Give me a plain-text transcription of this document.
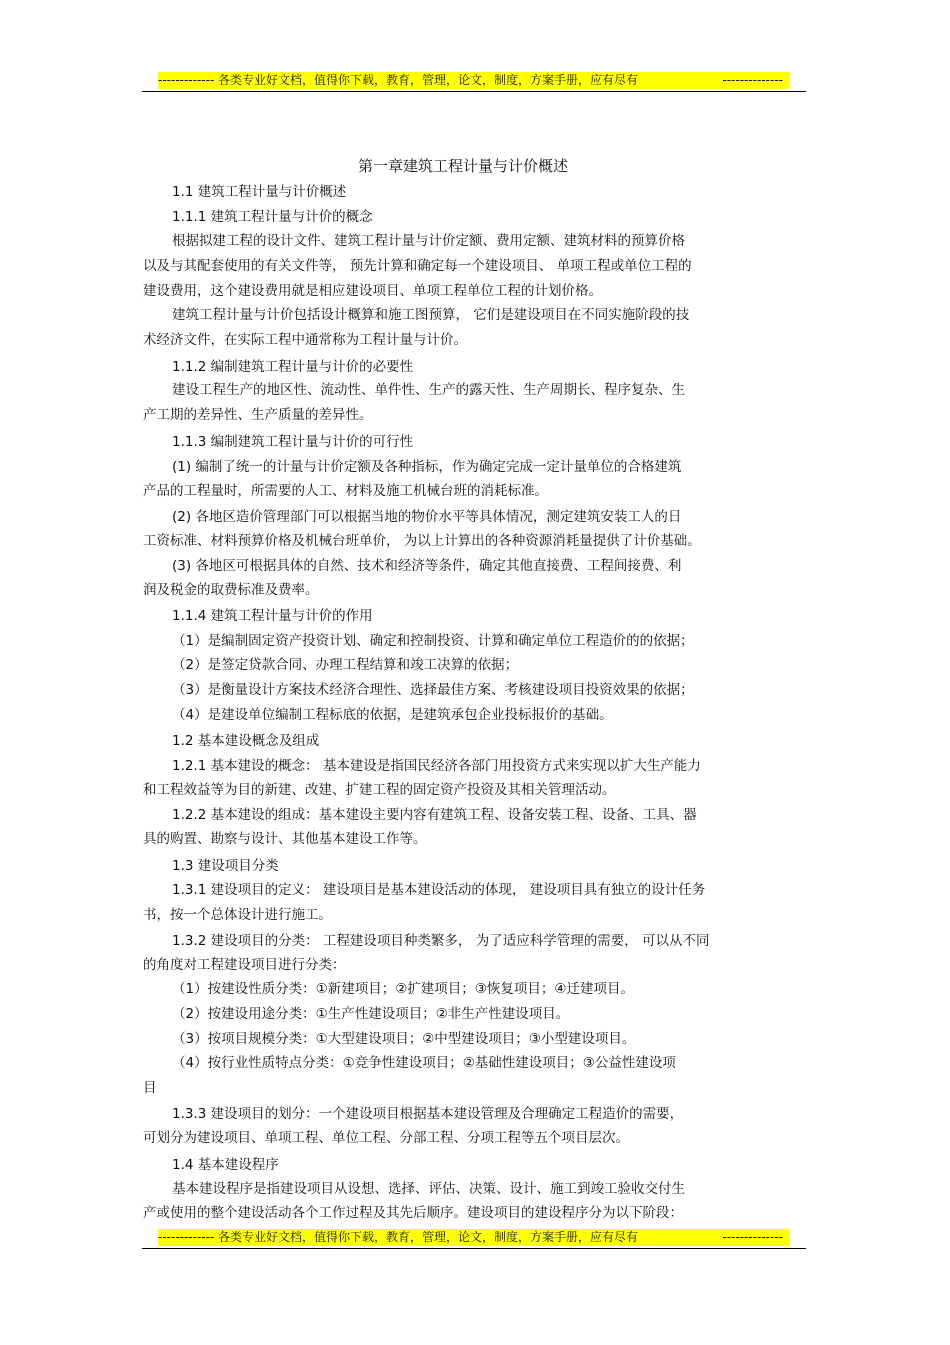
------------- 各类专业好文档，值得你下载，教育，管理，论文，制度，方案手册，应有尽有	--------------
第一章建筑工程计量与计价概述
1.1 建筑工程计量与计价概述
1.1.1 建筑工程计量与计价的概念
根据拟建工程的设计文件、建筑工程计量与计价定额、费用定额、建筑材料的预算价格
以及与其配套使用的有关文件等， 预先计算和确定每一个建设项目、 单项工程或单位工程的
建设费用，这个建设费用就是相应建设项目、单项工程单位工程的计划价格。
建筑工程计量与计价包括设计概算和施工图预算， 它们是建设项目在不同实施阶段的技
术经济文件，在实际工程中通常称为工程计量与计价。
1.1.2 编制建筑工程计量与计价的必要性
建设工程生产的地区性、流动性、单件性、生产的露天性、生产周期长、程序复杂、生
产工期的差异性、生产质量的差异性。
1.1.3 编制建筑工程计量与计价的可行性
(1) 编制了统一的计量与计价定额及各种指标，作为确定完成一定计量单位的合格建筑
产品的工程量时，所需要的人工、材料及施工机械台班的消耗标准。
(2) 各地区造价管理部门可以根据当地的物价水平等具体情况，测定建筑安装工人的日
工资标准、材料预算价格及机械台班单价， 为以上计算出的各种资源消耗量提供了计价基础。
(3) 各地区可根据具体的自然、技术和经济等条件，确定其他直接费、工程间接费、利
润及税金的取费标准及费率。
1.1.4 建筑工程计量与计价的作用
（1）是编制固定资产投资计划、确定和控制投资、计算和确定单位工程造价的的依据；
（2）是签定贷款合同、办理工程结算和竣工决算的依据；
（3）是衡量设计方案技术经济合理性、选择最佳方案、考核建设项目投资效果的依据；
（4）是建设单位编制工程标底的依据，是建筑承包企业投标报价的基础。
1.2 基本建设概念及组成
1.2.1 基本建设的概念： 基本建设是指国民经济各部门用投资方式来实现以扩大生产能力
和工程效益等为目的新建、改建、扩建工程的固定资产投资及其相关管理活动。
1.2.2 基本建设的组成：基本建设主要内容有建筑工程、设备安装工程、设备、工具、器
具的购置、勘察与设计、其他基本建设工作等。
1.3 建设项目分类
1.3.1 建设项目的定义： 建设项目是基本建设活动的体现， 建设项目具有独立的设计任务
书，按一个总体设计进行施工。
1.3.2 建设项目的分类： 工程建设项目种类繁多， 为了适应科学管理的需要， 可以从不同
的角度对工程建设项目进行分类：
（1）按建设性质分类：①新建项目；②扩建项目；③恢复项目；④迁建项目。
（2）按建设用途分类：①生产性建设项目；②非生产性建设项目。
（3）按项目规模分类：①大型建设项目；②中型建设项目；③小型建设项目。
（4）按行业性质特点分类：①竞争性建设项目；②基础性建设项目；③公益性建设项
目
1.3.3 建设项目的划分：一个建设项目根据基本建设管理及合理确定工程造价的需要，
可划分为建设项目、单项工程、单位工程、分部工程、分项工程等五个项目层次。
1.4 基本建设程序
基本建设程序是指建设项目从设想、选择、评估、决策、设计、施工到竣工验收交付生
产或使用的整个建设活动各个工作过程及其先后顺序。建设项目的建设程序分为以下阶段：
------------- 各类专业好文档，值得你下载，教育，管理，论文，制度，方案手册，应有尽有	--------------
